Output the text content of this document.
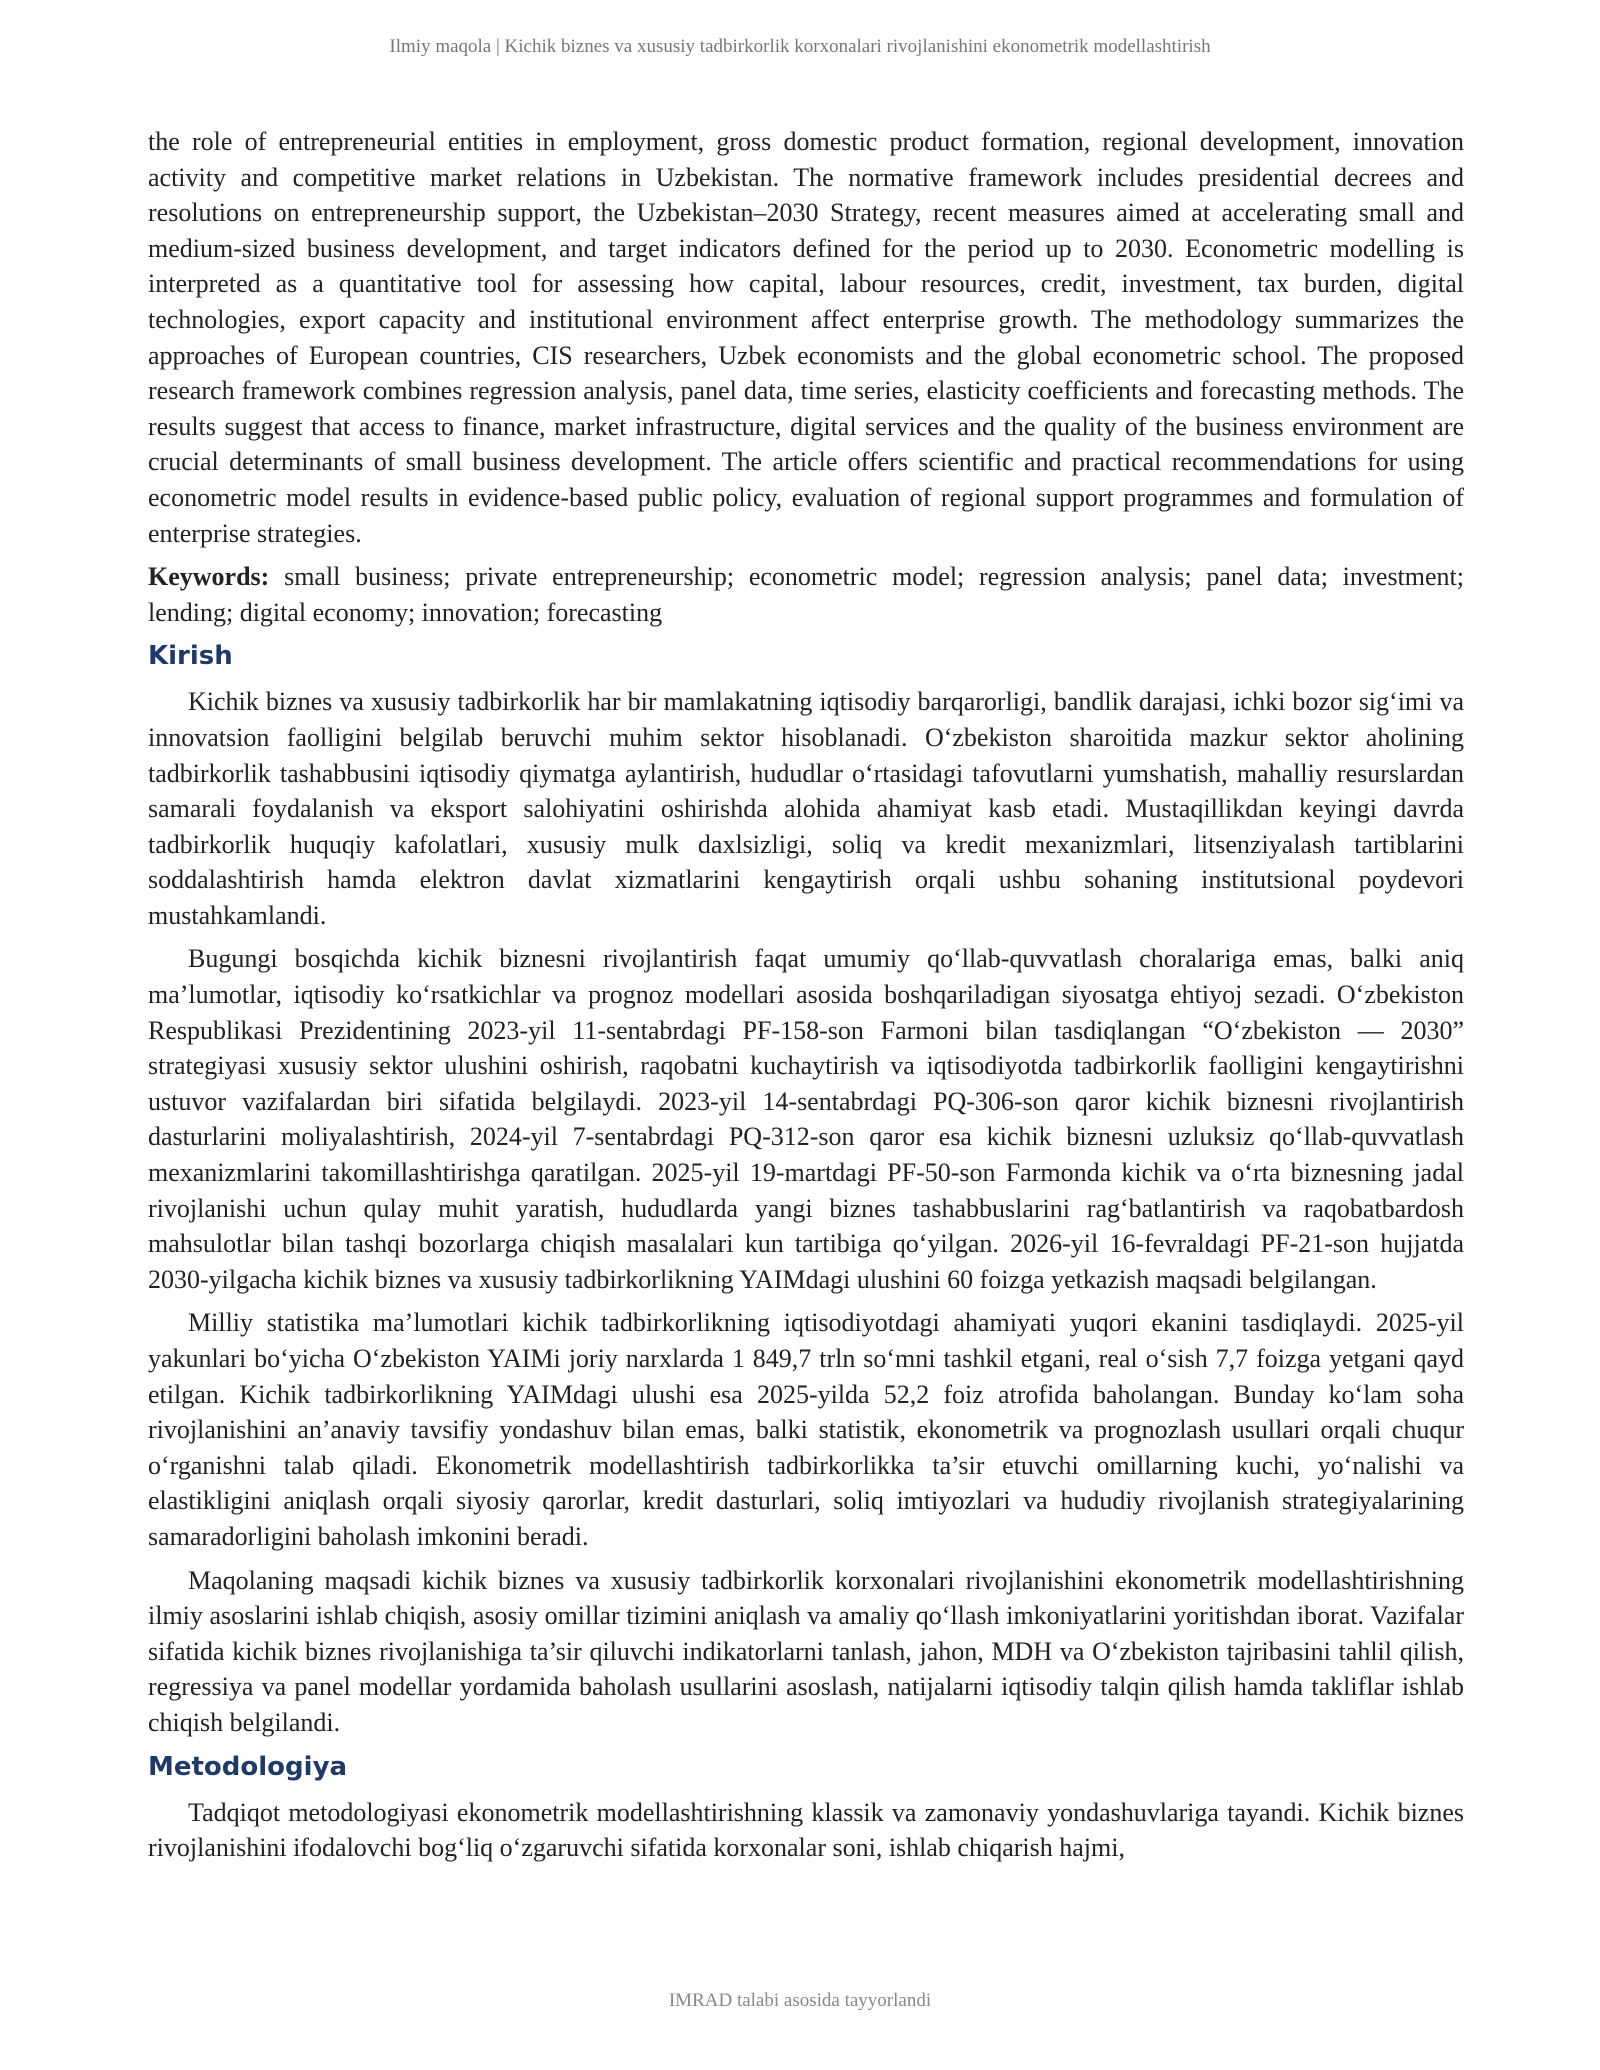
Ilmiy maqola | Kichik biznes va xususiy tadbirkorlik korxonalari rivojlanishini ekonometrik modellashtirish

the role of entrepreneurial entities in employment, gross domestic product formation, regional development, innovation activity and competitive market relations in Uzbekistan. The normative framework includes presidential decrees and resolutions on entrepreneurship support, the Uzbekistan–2030 Strategy, recent measures aimed at accelerating small and medium-sized business development, and target indicators defined for the period up to 2030. Econometric modelling is interpreted as a quantitative tool for assessing how capital, labour resources, credit, investment, tax burden, digital technologies, export capacity and institutional environment affect enterprise growth. The methodology summarizes the approaches of European countries, CIS researchers, Uzbek economists and the global econometric school. The proposed research framework combines regression analysis, panel data, time series, elasticity coefficients and forecasting methods. The results suggest that access to finance, market infrastructure, digital services and the quality of the business environment are crucial determinants of small business development. The article offers scientific and practical recommendations for using econometric model results in evidence-based public policy, evaluation of regional support programmes and formulation of enterprise strategies.

Keywords: small business; private entrepreneurship; econometric model; regression analysis; panel data; investment; lending; digital economy; innovation; forecasting

Kirish

Kichik biznes va xususiy tadbirkorlik har bir mamlakatning iqtisodiy barqarorligi, bandlik darajasi, ichki bozor sig‘imi va innovatsion faolligini belgilab beruvchi muhim sektor hisoblanadi. O‘zbekiston sharoitida mazkur sektor aholining tadbirkorlik tashabbusini iqtisodiy qiymatga aylantirish, hududlar o‘rtasidagi tafovutlarni yumshatish, mahalliy resurslardan samarali foydalanish va eksport salohiyatini oshirishda alohida ahamiyat kasb etadi. Mustaqillikdan keyingi davrda tadbirkorlik huquqiy kafolatlari, xususiy mulk daxlsizligi, soliq va kredit mexanizmlari, litsenziyalash tartiblarini soddalashtirish hamda elektron davlat xizmatlarini kengaytirish orqali ushbu sohaning institutsional poydevori mustahkamlandi.

Bugungi bosqichda kichik biznesni rivojlantirish faqat umumiy qo‘llab-quvvatlash choralariga emas, balki aniq ma’lumotlar, iqtisodiy ko‘rsatkichlar va prognoz modellari asosida boshqariladigan siyosatga ehtiyoj sezadi. O‘zbekiston Respublikasi Prezidentining 2023-yil 11-sentabrdagi PF-158-son Farmoni bilan tasdiqlangan “O‘zbekiston — 2030” strategiyasi xususiy sektor ulushini oshirish, raqobatni kuchaytirish va iqtisodiyotda tadbirkorlik faolligini kengaytirishni ustuvor vazifalardan biri sifatida belgilaydi. 2023-yil 14-sentabrdagi PQ-306-son qaror kichik biznesni rivojlantirish dasturlarini moliyalashtirish, 2024-yil 7-sentabrdagi PQ-312-son qaror esa kichik biznesni uzluksiz qo‘llab-quvvatlash mexanizmlarini takomillashtirishga qaratilgan. 2025-yil 19-martdagi PF-50-son Farmonda kichik va o‘rta biznesning jadal rivojlanishi uchun qulay muhit yaratish, hududlarda yangi biznes tashabbuslarini rag‘batlantirish va raqobatbardosh mahsulotlar bilan tashqi bozorlarga chiqish masalalari kun tartibiga qo‘yilgan. 2026-yil 16-fevraldagi PF-21-son hujjatda 2030-yilgacha kichik biznes va xususiy tadbirkorlikning YAIMdagi ulushini 60 foizga yetkazish maqsadi belgilangan.

Milliy statistika ma’lumotlari kichik tadbirkorlikning iqtisodiyotdagi ahamiyati yuqori ekanini tasdiqlaydi. 2025-yil yakunlari bo‘yicha O‘zbekiston YAIMi joriy narxlarda 1 849,7 trln so‘mni tashkil etgani, real o‘sish 7,7 foizga yetgani qayd etilgan. Kichik tadbirkorlikning YAIMdagi ulushi esa 2025-yilda 52,2 foiz atrofida baholangan. Bunday ko‘lam soha rivojlanishini an’anaviy tavsifiy yondashuv bilan emas, balki statistik, ekonometrik va prognozlash usullari orqali chuqur o‘rganishni talab qiladi. Ekonometrik modellashtirish tadbirkorlikka ta’sir etuvchi omillarning kuchi, yo‘nalishi va elastikligini aniqlash orqali siyosiy qarorlar, kredit dasturlari, soliq imtiyozlari va hududiy rivojlanish strategiyalarining samaradorligini baholash imkonini beradi.

Maqolaning maqsadi kichik biznes va xususiy tadbirkorlik korxonalari rivojlanishini ekonometrik modellashtirishning ilmiy asoslarini ishlab chiqish, asosiy omillar tizimini aniqlash va amaliy qo‘llash imkoniyatlarini yoritishdan iborat. Vazifalar sifatida kichik biznes rivojlanishiga ta’sir qiluvchi indikatorlarni tanlash, jahon, MDH va O‘zbekiston tajribasini tahlil qilish, regressiya va panel modellar yordamida baholash usullarini asoslash, natijalarni iqtisodiy talqin qilish hamda takliflar ishlab chiqish belgilandi.

Metodologiya

Tadqiqot metodologiyasi ekonometrik modellashtirishning klassik va zamonaviy yondashuvlariga tayandi. Kichik biznes rivojlanishini ifodalovchi bog‘liq o‘zgaruvchi sifatida korxonalar soni, ishlab chiqarish hajmi,

IMRAD talabi asosida tayyorlandi
